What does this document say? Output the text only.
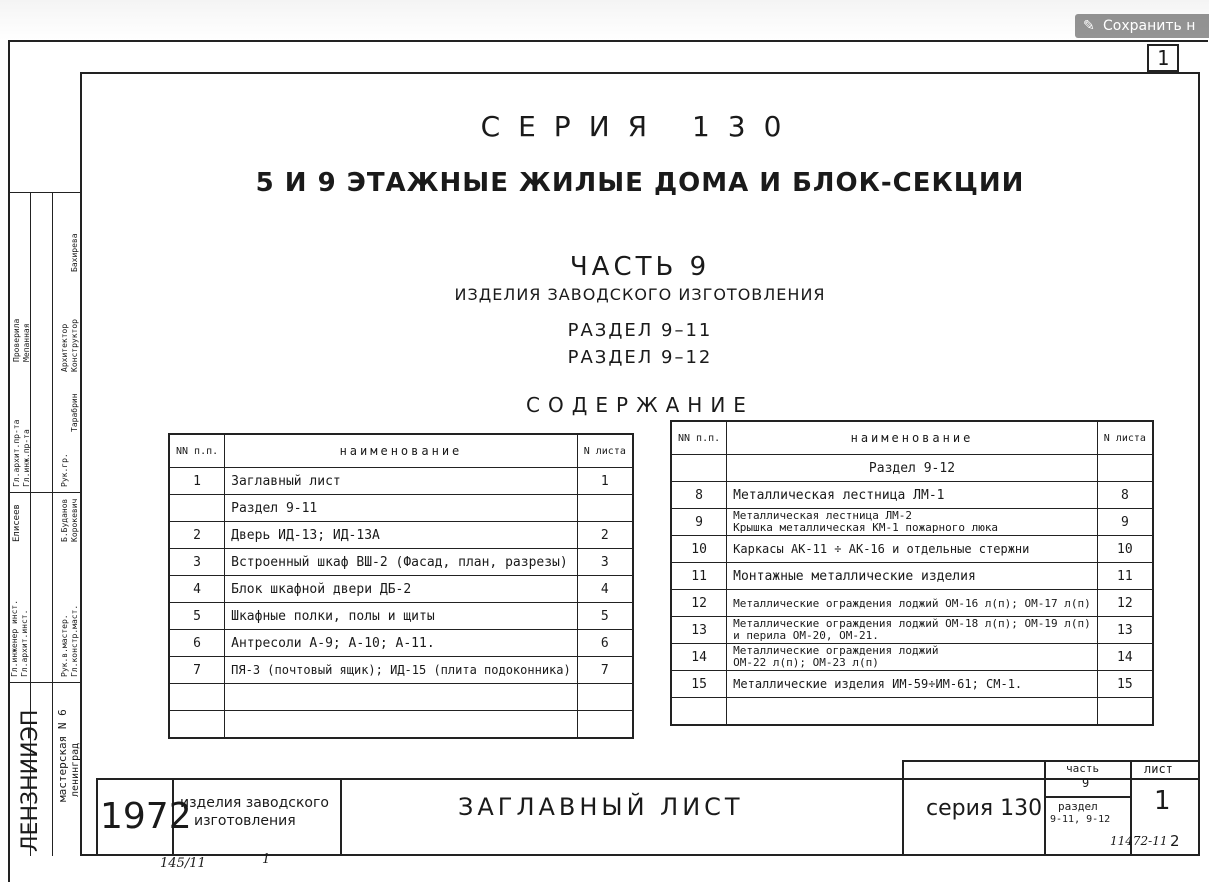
✎ Сохранить н
1
ЛЕНЗНИИЭП мастерская N 6 ленинград
Гл.инженер инст. Гл.архит.инст.	Рук.в.мастер. Гл.констр.маст.
Елисеев	Б.Буданов Корокевич
Гл.архит.пр-та Гл.инж.пр-та	Рук.гр.
Архитектор Конструктор
Тарабрин
Бахирева
Проверила Мепанная
СЕРИЯ 130
5 И 9 ЭТАЖНЫЕ ЖИЛЫЕ ДОМА И БЛОК-СЕКЦИИ
ЧАСТЬ 9
ИЗДЕЛИЯ ЗАВОДСКОГО ИЗГОТОВЛЕНИЯ
РАЗДЕЛ 9–11
РАЗДЕЛ 9–12
СОДЕРЖАНИЕ
NN п.п.	наименование	N листа
1	Заглавный лист	1
	Раздел 9-11	
2	Дверь ИД-13; ИД-13А	2
3	Встроенный шкаф ВШ-2 (Фасад, план, разрезы)	3
4	Блок шкафной двери ДБ-2	4
5	Шкафные полки, полы и щиты	5
6	Антресоли А-9; А-10; А-11.	6
7	ПЯ-3 (почтовый ящик); ИД-15 (плита подоконника)	7

NN п.п.	наименование	N листа
	Раздел 9-12	
8	Металлическая лестница ЛМ-1	8
9	Металлическая лестница ЛМ-2
Крышка металлическая КМ-1 пожарного люка	9
10	Каркасы АК-11 ÷ АК-16 и отдельные стержни	10
11	Монтажные металлические изделия	11
12	Металлические ограждения лоджий ОМ-16 л(п); ОМ-17 л(п)	12
13	Металлические ограждения лоджий ОМ-18 л(п); ОМ-19 л(п)
и перила ОМ-20, ОМ-21.	13
14	Металлические ограждения лоджий
ОМ-22 л(п); ОМ-23 л(п)	14
15	Металлические изделия ИМ-59÷ИМ-61; СМ-1.	15

1972
изделия заводского
изготовления	ЗАГЛАВНЫЙ ЛИСТ	серия 130
часть
9
лист
1
раздел
9-11, 9-12
145/11	1
11472-11 2
